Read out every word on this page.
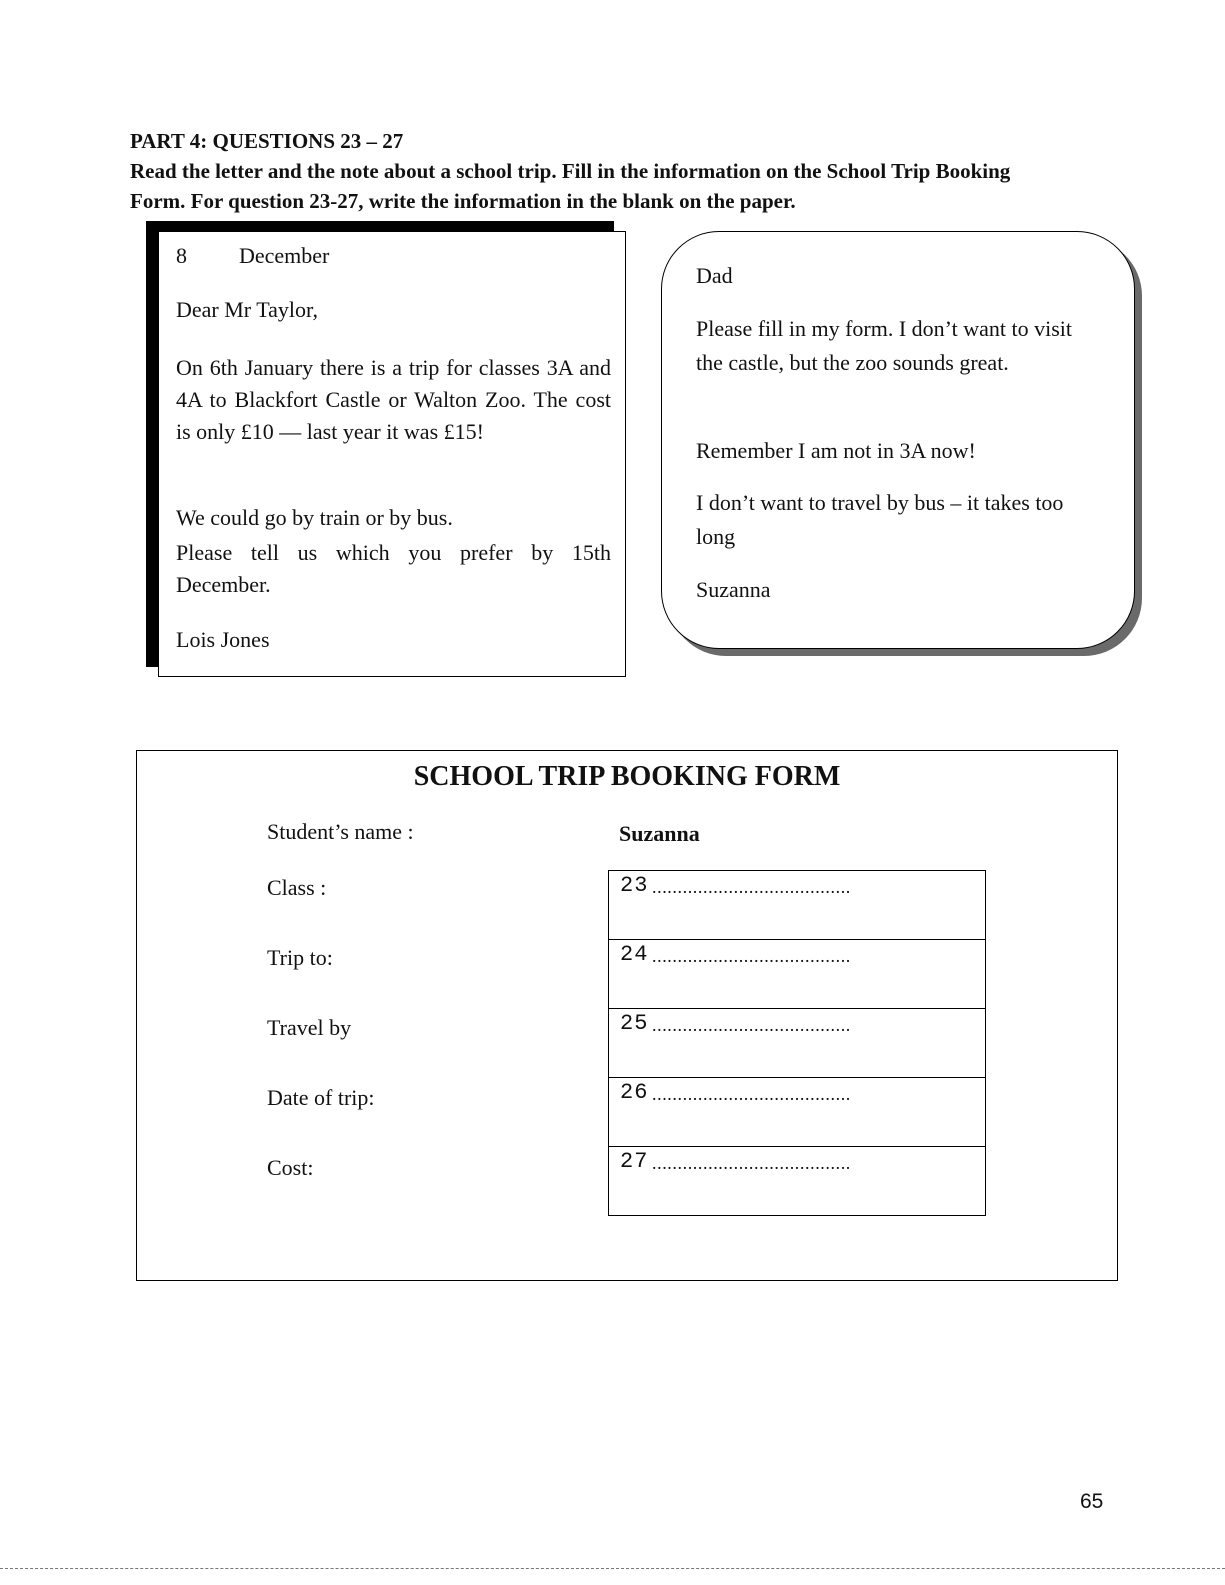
PART 4: QUESTIONS 23 – 27
Read the letter and the note about a school trip. Fill in the information on the School Trip Booking
Form. For question 23-27, write the information in the blank on the paper.

8 December

Dear Mr Taylor,

On 6th January there is a trip for classes 3A and 4A to Blackfort Castle or Walton Zoo. The cost is only £10 — last year it was £15!

We could go by train or by bus.

Please tell us which you prefer by 15th December.

Lois Jones

Dad

Please fill in my form. I don’t want to visit the castle, but the zoo sounds great.

Remember I am not in 3A now!

I don’t want to travel by bus – it takes too long

Suzanna

SCHOOL TRIP BOOKING FORM
Student’s name :	Suzanna
Class :
Trip to:
Travel by
Date of trip:
Cost:
23 .......................................
24 .......................................
25 .......................................
26 .......................................
27 .......................................
65
